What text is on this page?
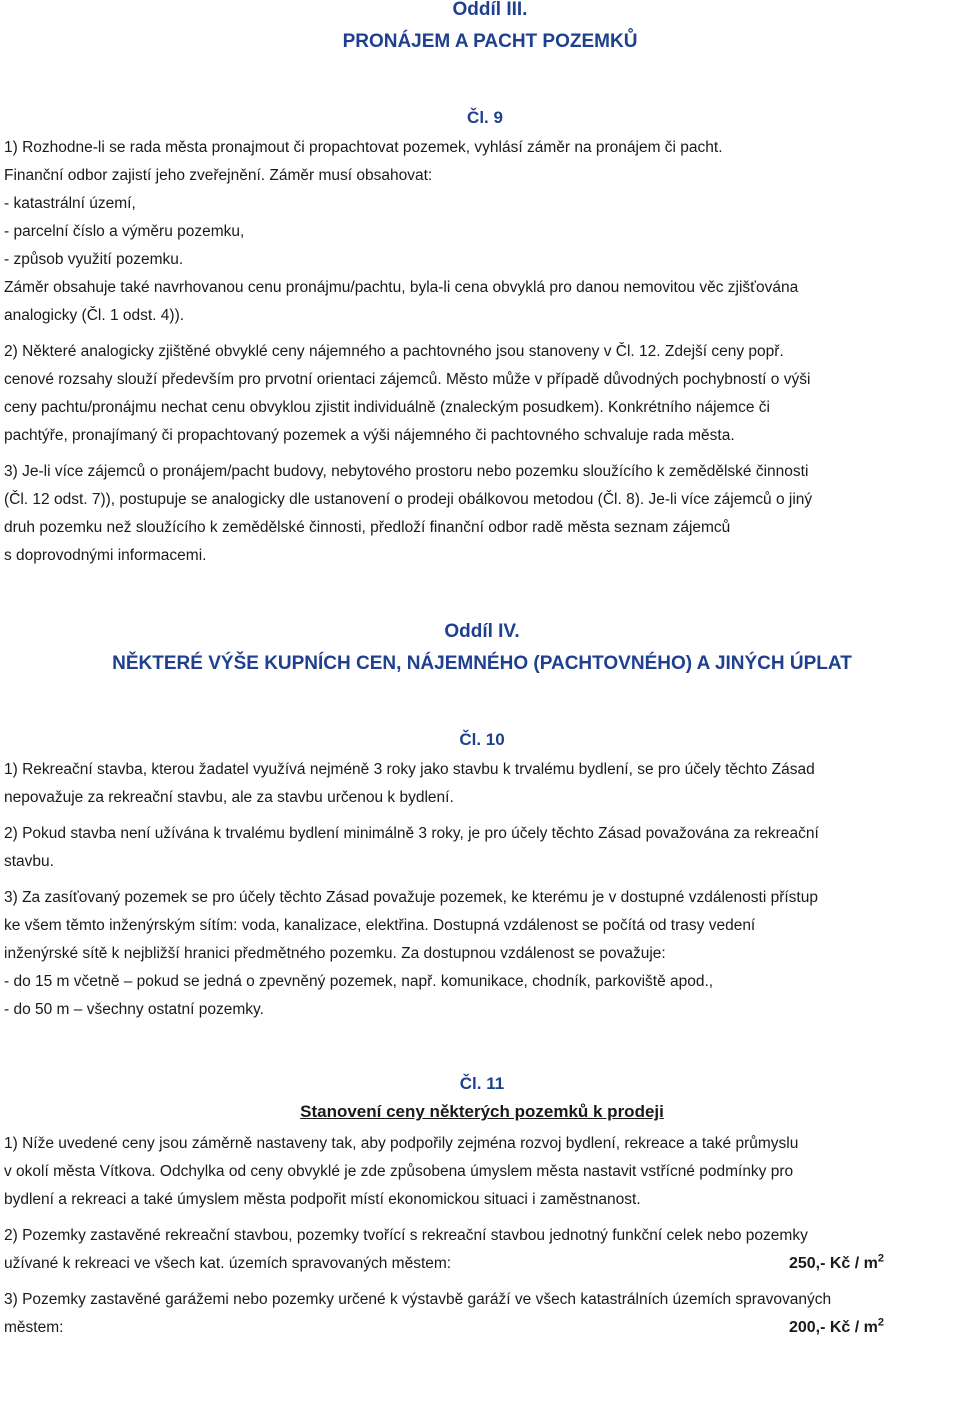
Oddíl III.
PRONÁJEM A PACHT POZEMKŮ
Čl. 9

1) Rozhodne-li se rada města pronajmout či propachtovat pozemek, vyhlásí záměr na pronájem či pacht.

Finanční odbor zajistí jeho zveřejnění. Záměr musí obsahovat:

- katastrální území,

- parcelní číslo a výměru pozemku,

- způsob využití pozemku.

Záměr obsahuje také navrhovanou cenu pronájmu/pachtu, byla-li cena obvyklá pro danou nemovitou věc zjišťována

analogicky (Čl. 1 odst. 4)).

2) Některé analogicky zjištěné obvyklé ceny nájemného a pachtovného jsou stanoveny v Čl. 12. Zdejší ceny popř.

cenové rozsahy slouží především pro prvotní orientaci zájemců. Město může v případě důvodných pochybností o výši

ceny pachtu/pronájmu nechat cenu obvyklou zjistit individuálně (znaleckým posudkem). Konkrétního nájemce či

pachtýře, pronajímaný či propachtovaný pozemek a výši nájemného či pachtovného schvaluje rada města.

3) Je-li více zájemců o pronájem/pacht budovy, nebytového prostoru nebo pozemku sloužícího k zemědělské činnosti

(Čl. 12 odst. 7)), postupuje se analogicky dle ustanovení o prodeji obálkovou metodou (Čl. 8). Je-li více zájemců o jiný

druh pozemku než sloužícího k zemědělské činnosti, předloží finanční odbor radě města seznam zájemců

s doprovodnými informacemi.

Oddíl IV.
NĚKTERÉ VÝŠE KUPNÍCH CEN, NÁJEMNÉHO (PACHTOVNÉHO) A JINÝCH ÚPLAT
Čl. 10

1) Rekreační stavba, kterou žadatel využívá nejméně 3 roky jako stavbu k trvalému bydlení, se pro účely těchto Zásad

nepovažuje za rekreační stavbu, ale za stavbu určenou k bydlení.

2) Pokud stavba není užívána k trvalému bydlení minimálně 3 roky, je pro účely těchto Zásad považována za rekreační

stavbu.

3) Za zasíťovaný pozemek se pro účely těchto Zásad považuje pozemek, ke kterému je v dostupné vzdálenosti přístup

ke všem těmto inženýrským sítím: voda, kanalizace, elektřina. Dostupná vzdálenost se počítá od trasy vedení

inženýrské sítě k nejbližší hranici předmětného pozemku. Za dostupnou vzdálenost se považuje:

- do 15 m včetně – pokud se jedná o zpevněný pozemek, např. komunikace, chodník, parkoviště apod.,

- do 50 m – všechny ostatní pozemky.

Čl. 11
Stanovení ceny některých pozemků k prodeji

1) Níže uvedené ceny jsou záměrně nastaveny tak, aby podpořily zejména rozvoj bydlení, rekreace a také průmyslu

v okolí města Vítkova. Odchylka od ceny obvyklé je zde způsobena úmyslem města nastavit vstřícné podmínky pro

bydlení a rekreaci a také úmyslem města podpořit místí ekonomickou situaci i zaměstnanost.

2) Pozemky zastavěné rekreační stavbou, pozemky tvořící s rekreační stavbou jednotný funkční celek nebo pozemky

užívané k rekreaci ve všech kat. územích spravovaných městem:	250,- Kč / $m^2$

3) Pozemky zastavěné garážemi nebo pozemky určené k výstavbě garáží ve všech katastrálních územích spravovaných

městem:	200,- Kč / $m^2$
